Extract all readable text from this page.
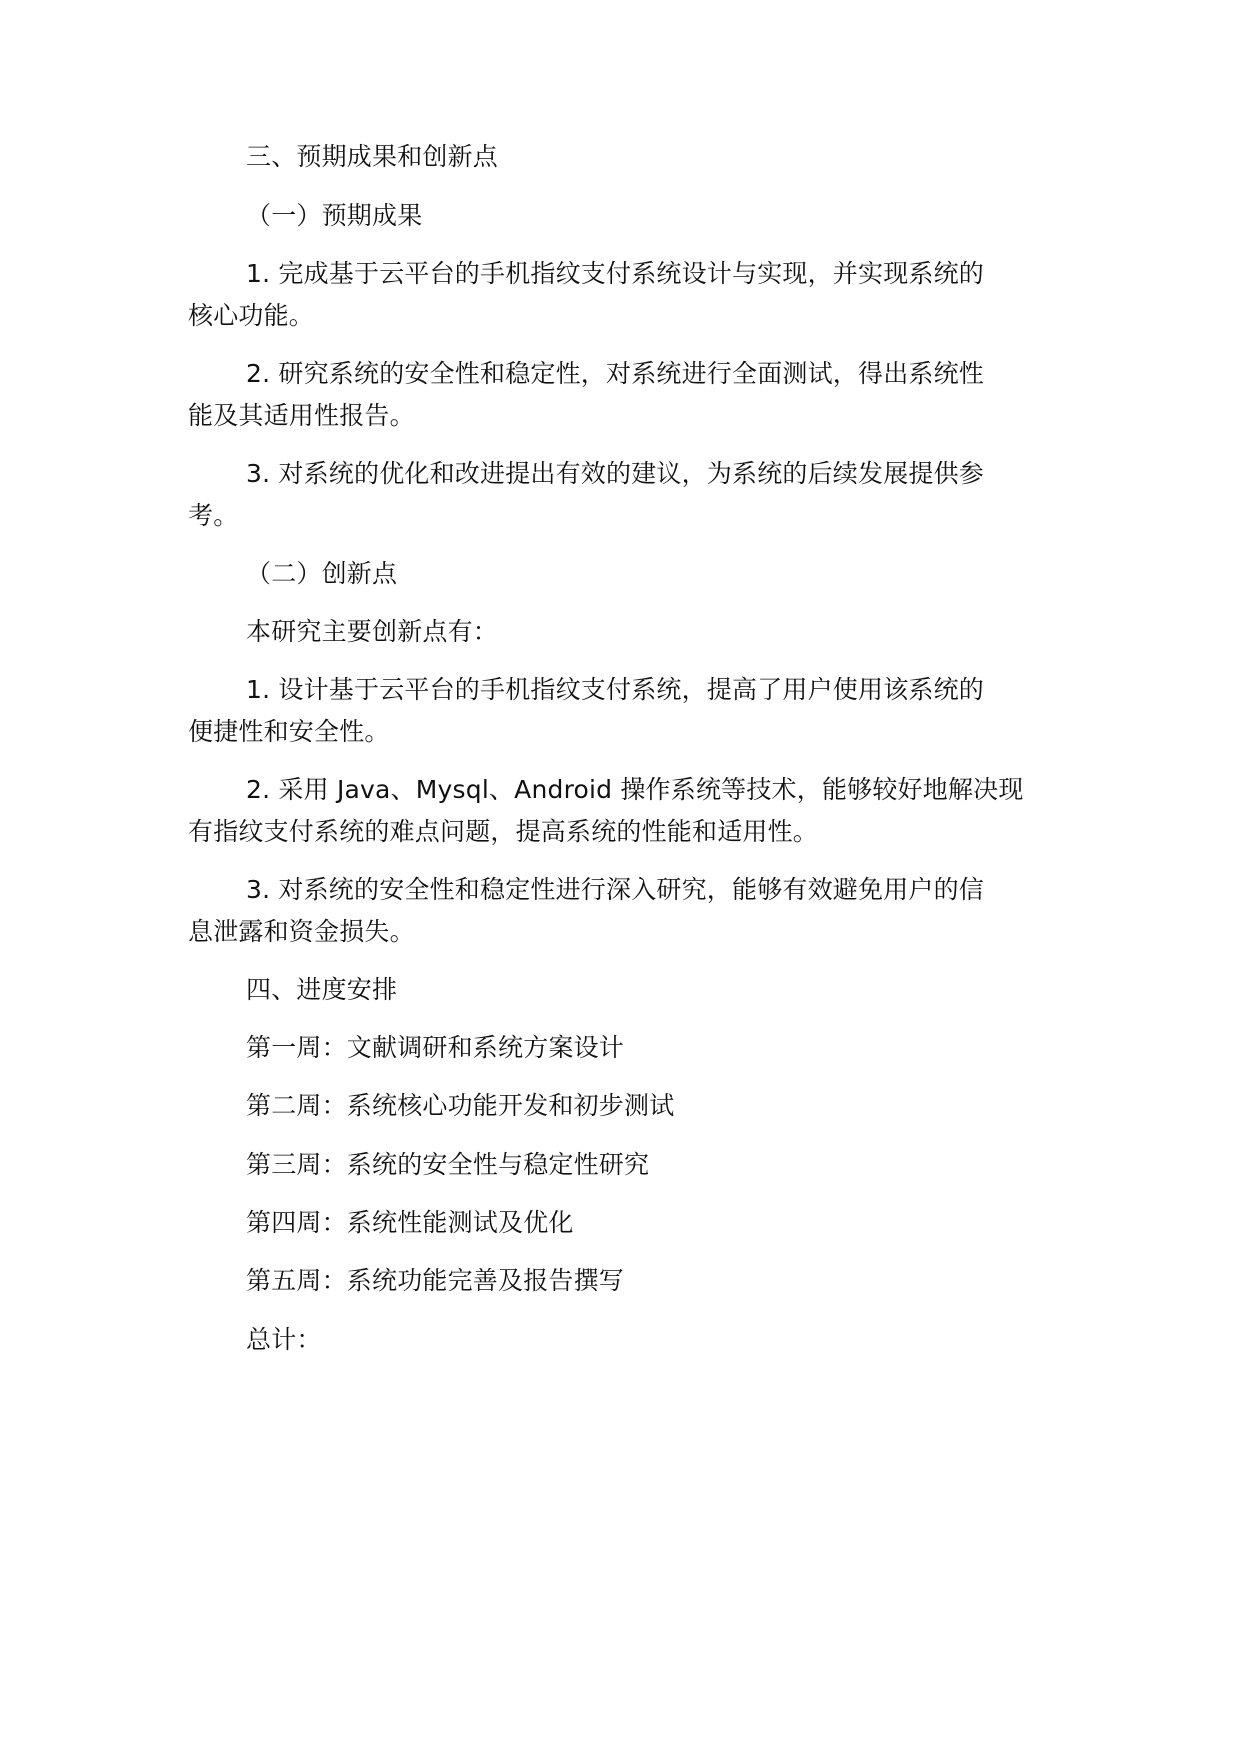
三、预期成果和创新点
（一）预期成果
1. 完成基于云平台的手机指纹支付系统设计与实现，并实现系统的
核心功能。
2. 研究系统的安全性和稳定性，对系统进行全面测试，得出系统性
能及其适用性报告。
3. 对系统的优化和改进提出有效的建议，为系统的后续发展提供参
考。
（二）创新点
本研究主要创新点有：
1. 设计基于云平台的手机指纹支付系统，提高了用户使用该系统的
便捷性和安全性。
2. 采用 Java、Mysql、Android 操作系统等技术，能够较好地解决现
有指纹支付系统的难点问题，提高系统的性能和适用性。
3. 对系统的安全性和稳定性进行深入研究，能够有效避免用户的信
息泄露和资金损失。
四、进度安排
第一周：文献调研和系统方案设计
第二周：系统核心功能开发和初步测试
第三周：系统的安全性与稳定性研究
第四周：系统性能测试及优化
第五周：系统功能完善及报告撰写
总计：
